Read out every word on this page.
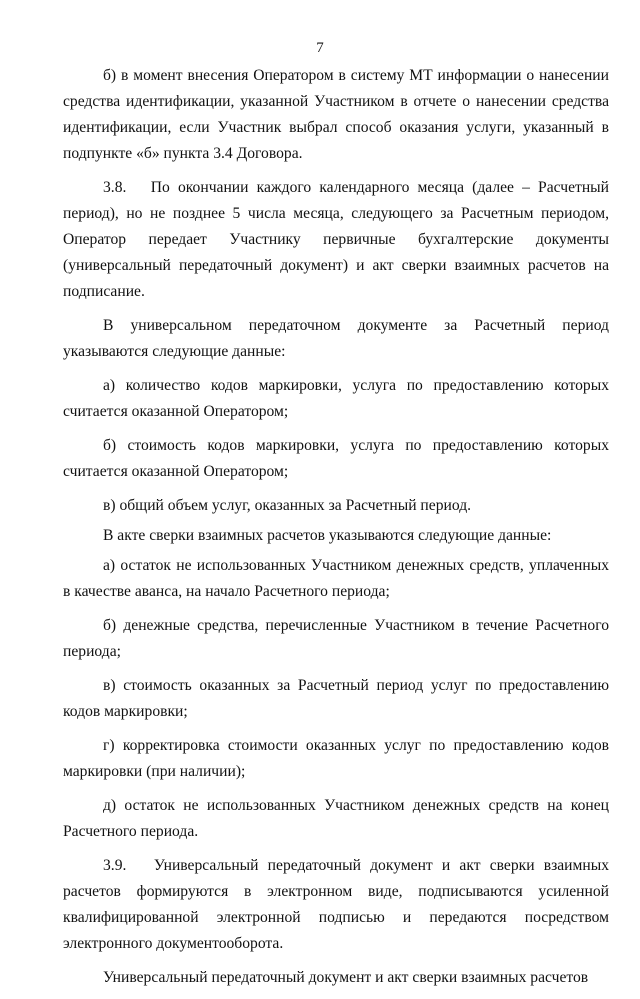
7

б) в момент внесения Оператором в систему МТ информации о нанесении средства идентификации, указанной Участником в отчете о нанесении средства идентификации, если Участник выбрал способ оказания услуги, указанный в подпункте «б» пункта 3.4 Договора.

3.8.   По окончании каждого календарного месяца (далее – Расчетный период), но не позднее 5 числа месяца, следующего за Расчетным периодом, Оператор передает Участнику первичные бухгалтерские документы (универсальный передаточный документ) и акт сверки взаимных расчетов на подписание.

В универсальном передаточном документе за Расчетный период указываются следующие данные:

а) количество кодов маркировки, услуга по предоставлению которых считается оказанной Оператором;

б) стоимость кодов маркировки, услуга по предоставлению которых считается оказанной Оператором;

в) общий объем услуг, оказанных за Расчетный период.

В акте сверки взаимных расчетов указываются следующие данные:

а) остаток не использованных Участником денежных средств, уплаченных в качестве аванса, на начало Расчетного периода;

б) денежные средства, перечисленные Участником в течение Расчетного периода;

в) стоимость оказанных за Расчетный период услуг по предоставлению кодов маркировки;

г) корректировка стоимости оказанных услуг по предоставлению кодов маркировки (при наличии);

д) остаток не использованных Участником денежных средств на конец Расчетного периода.

3.9.   Универсальный передаточный документ и акт сверки взаимных расчетов формируются в электронном виде, подписываются усиленной квалифицированной электронной подписью и передаются посредством электронного документооборота.

Универсальный передаточный документ и акт сверки взаимных расчетов
